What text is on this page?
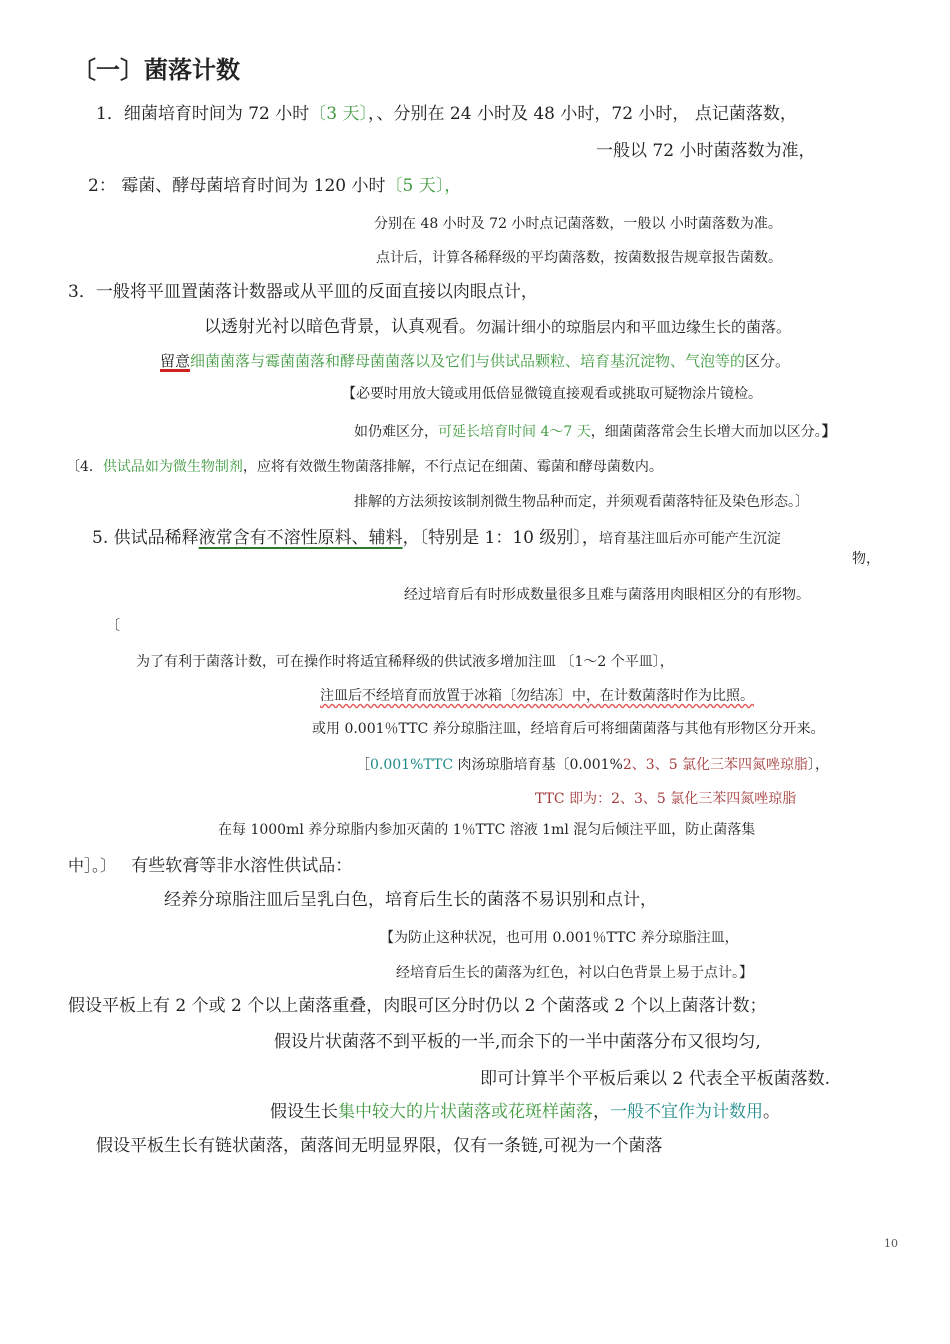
〔一〕菌落计数
1．细菌培育时间为 72 小时〔3 天〕，、分别在 24 小时及 48 小时，72 小时， 点记菌落数，
一般以 72 小时菌落数为准，
2： 霉菌、酵母菌培育时间为 120 小时〔5 天〕，
分别在 48 小时及 72 小时点记菌落数，一般以 小时菌落数为准。
点计后，计算各稀释级的平均菌落数，按菌数报告规章报告菌数。
3．一般将平皿置菌落计数器或从平皿的反面直接以肉眼点计，
以透射光衬以暗色背景，认真观看。勿漏计细小的琼脂层内和平皿边缘生长的菌落。
留意细菌菌落与霉菌菌落和酵母菌菌落以及它们与供试品颗粒、培育基沉淀物、气泡等的区分。
【必要时用放大镜或用低倍显微镜直接观看或挑取可疑物涂片镜检。
如仍难区分，可延长培育时间 4～7 天，细菌菌落常会生长增大而加以区分。】
〔4．供试品如为微生物制剂，应将有效微生物菌落排解，不行点记在细菌、霉菌和酵母菌数内。
排解的方法须按该制剂微生物品种而定，并须观看菌落特征及染色形态。〕
5. 供试品稀释液常含有不溶性原料、辅料，〔特别是 1：10 级别〕，培育基注皿后亦可能产生沉淀
物，
经过培育后有时形成数量很多且难与菌落用肉眼相区分的有形物。
〔
为了有利于菌落计数，可在操作时将适宜稀释级的供试液多增加注皿 〔1～2 个平皿〕，
注皿后不经培育而放置于冰箱〔勿结冻〕中，在计数菌落时作为比照。
或用 0.001％TTC 养分琼脂注皿，经培育后可将细菌菌落与其他有形物区分开来。
［0.001%TTC 肉汤琼脂培育基〔0.001%2、3、5 氯化三苯四氮唑琼脂〕，
TTC 即为：2、3、5 氯化三苯四氮唑琼脂
在每 1000ml 养分琼脂内参加灭菌的 1％TTC 溶液 1ml 混匀后倾注平皿，防止菌落集
中］。〕 有些软膏等非水溶性供试品：
经养分琼脂注皿后呈乳白色，培育后生长的菌落不易识别和点计，
【为防止这种状况，也可用 0.001％TTC 养分琼脂注皿，
经培育后生长的菌落为红色，衬以白色背景上易于点计。】
假设平板上有 2 个或 2 个以上菌落重叠，肉眼可区分时仍以 2 个菌落或 2 个以上菌落计数；
假设片状菌落不到平板的一半,而余下的一半中菌落分布又很均匀,
即可计算半个平板后乘以 2 代表全平板菌落数.
假设生长集中较大的片状菌落或花斑样菌落，一般不宜作为计数用。
假设平板生长有链状菌落，菌落间无明显界限，仅有一条链,可视为一个菌落
10
